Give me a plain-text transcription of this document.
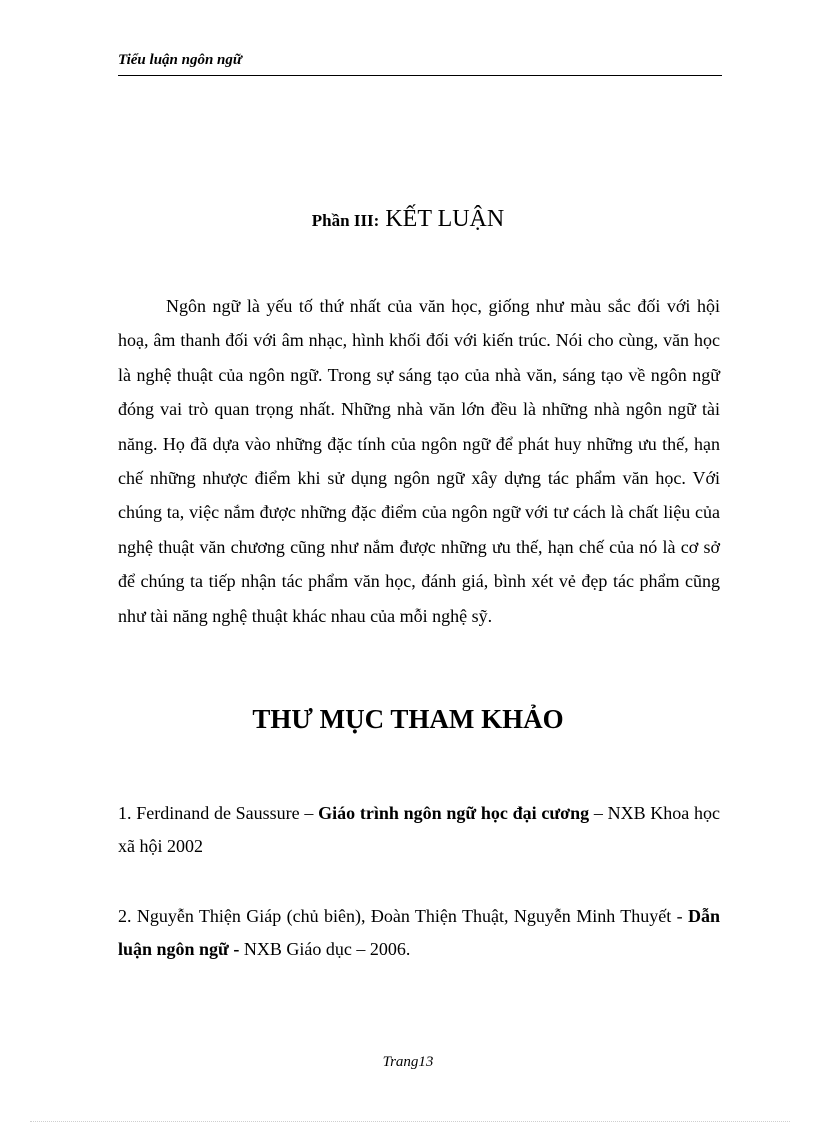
Tiểu luận ngôn ngữ
Phần III: KẾT LUẬN

Ngôn ngữ là yếu tố thứ nhất của văn học, giống như màu sắc đối với hội hoạ, âm thanh đối với âm nhạc, hình khối đối với kiến trúc. Nói cho cùng, văn học là nghệ thuật của ngôn ngữ. Trong sự sáng tạo của nhà văn, sáng tạo về ngôn ngữ đóng vai trò quan trọng nhất. Những nhà văn lớn đều là những nhà ngôn ngữ tài năng. Họ đã dựa vào những đặc tính của ngôn ngữ để phát huy những ưu thế, hạn chế những nhược điểm khi sử dụng ngôn ngữ xây dựng tác phẩm văn học. Với chúng ta, việc nắm được những đặc điểm của ngôn ngữ với tư cách là chất liệu của nghệ thuật văn chương cũng như nắm được những ưu thế, hạn chế của nó là cơ sở để chúng ta tiếp nhận tác phẩm văn học, đánh giá, bình xét vẻ đẹp tác phẩm cũng như tài năng nghệ thuật khác nhau của mỗi nghệ sỹ.

THƯ MỤC THAM KHẢO

1. Ferdinand de Saussure – Giáo trình ngôn ngữ học đại cương – NXB Khoa học xã hội 2002

2. Nguyễn Thiện Giáp (chủ biên), Đoàn Thiện Thuật, Nguyễn Minh Thuyết - Dẫn luận ngôn ngữ - NXB Giáo dục – 2006.

Trang13
